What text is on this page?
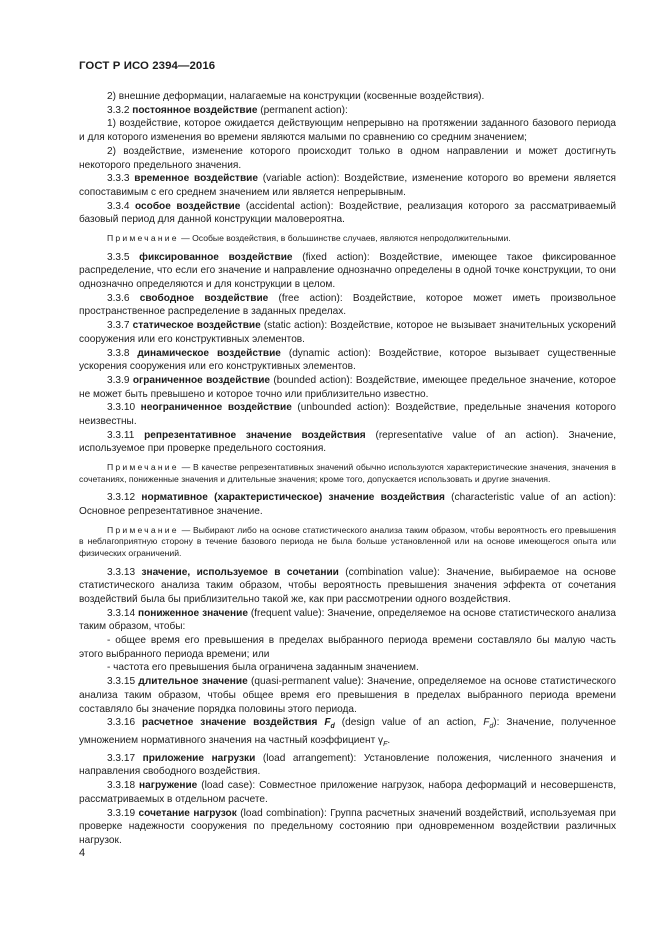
ГОСТ Р ИСО 2394—2016

2) внешние деформации, налагаемые на конструкции (косвенные воздействия).

3.3.2 постоянное воздействие (permanent action):

1) воздействие, которое ожидается действующим непрерывно на протяжении заданного базового периода и для которого изменения во времени являются малыми по сравнению со средним значением;

2) воздействие, изменение которого происходит только в одном направлении и может достигнуть некоторого предельного значения.

3.3.3 временное воздействие (variable action): Воздействие, изменение которого во времени является сопоставимым с его среднем значением или является непрерывным.

3.3.4 особое воздействие (accidental action): Воздействие, реализация которого за рассматриваемый базовый период для данной конструкции маловероятна.

Примечание — Особые воздействия, в большинстве случаев, являются непродолжительными.

3.3.5 фиксированное воздействие (fixed action): Воздействие, имеющее такое фиксированное распределение, что если его значение и направление однозначно определены в одной точке конструкции, то они однозначно определяются и для конструкции в целом.

3.3.6 свободное воздействие (free action): Воздействие, которое может иметь произвольное пространственное распределение в заданных пределах.

3.3.7 статическое воздействие (static action): Воздействие, которое не вызывает значительных ускорений сооружения или его конструктивных элементов.

3.3.8 динамическое воздействие (dynamic action): Воздействие, которое вызывает существенные ускорения сооружения или его конструктивных элементов.

3.3.9 ограниченное воздействие (bounded action): Воздействие, имеющее предельное значение, которое не может быть превышено и которое точно или приблизительно известно.

3.3.10 неограниченное воздействие (unbounded action): Воздействие, предельные значения которого неизвестны.

3.3.11 репрезентативное значение воздействия (representative value of an action). Значение, используемое при проверке предельного состояния.

Примечание — В качестве репрезентативных значений обычно используются характеристические значения, значения в сочетаниях, пониженные значения и длительные значения; кроме того, допускается использовать и другие значения.

3.3.12 нормативное (характеристическое) значение воздействия (characteristic value of an action): Основное репрезентативное значение.

Примечание — Выбирают либо на основе статистического анализа таким образом, чтобы вероятность его превышения в неблагоприятную сторону в течение базового периода не была больше установленной или на основе имеющегося опыта или физических ограничений.

3.3.13 значение, используемое в сочетании (combination value): Значение, выбираемое на основе статистического анализа таким образом, чтобы вероятность превышения значения эффекта от сочетания воздействий была бы приблизительно такой же, как при рассмотрении одного воздействия.

3.3.14 пониженное значение (frequent value): Значение, определяемое на основе статистического анализа таким образом, чтобы:

- общее время его превышения в пределах выбранного периода времени составляло бы малую часть этого выбранного периода времени; или

- частота его превышения была ограничена заданным значением.

3.3.15 длительное значение (quasi-permanent value): Значение, определяемое на основе статистического анализа таким образом, чтобы общее время его превышения в пределах выбранного периода времени составляло бы значение порядка половины этого периода.

3.3.16 расчетное значение воздействия $F_d$ (design value of an action, $F_d$): Значение, полученное умножением нормативного значения на частный коэффициент $\gamma_F$.

3.3.17 приложение нагрузки (load arrangement): Установление положения, численного значения и направления свободного воздействия.

3.3.18 нагружение (load case): Совместное приложение нагрузок, набора деформаций и несовершенств, рассматриваемых в отдельном расчете.

3.3.19 сочетание нагрузок (load combination): Группа расчетных значений воздействий, используемая при проверке надежности сооружения по предельному состоянию при одновременном воздействии различных нагрузок.

4
